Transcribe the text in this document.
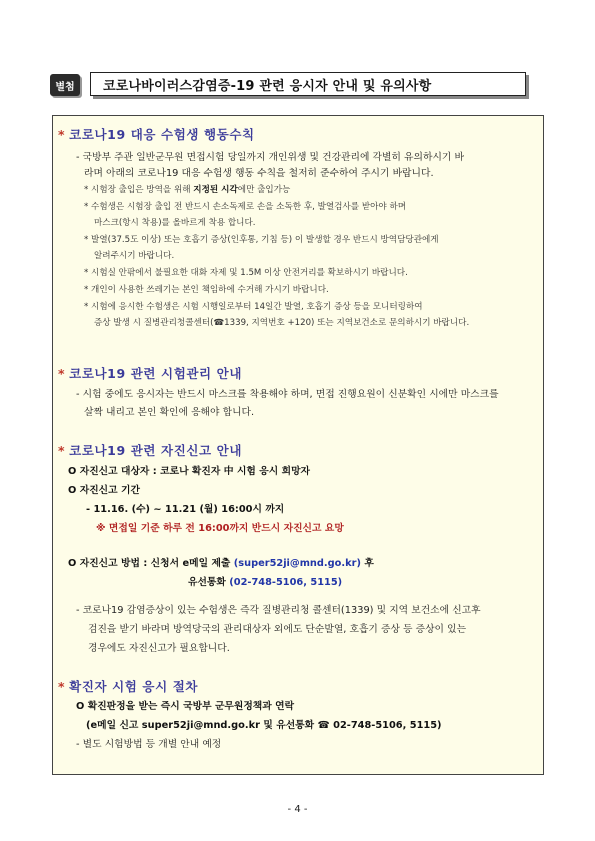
별첨	코로나바이러스감염증-19 관련 응시자 안내 및 유의사항
* 코로나19 대응 수험생 행동수칙
- 국방부 주관 일반군무원 면접시험 당일까지 개인위생 및 건강관리에 각별히 유의하시기 바
라며 아래의 코로나19 대응 수험생 행동 수칙을 철저히 준수하여 주시기 바랍니다.
* 시험장 출입은 방역을 위해 지정된 시각에만 출입가능
* 수험생은 시험장 출입 전 반드시 손소독제로 손을 소독한 후, 발열검사를 받아야 하며
마스크(항시 착용)를 올바르게 착용 합니다.
* 발열(37.5도 이상) 또는 호흡기 증상(인후통, 기침 등) 이 발생할 경우 반드시 방역담당관에게
알려주시기 바랍니다.
* 시험실 안팎에서 불필요한 대화 자제 및 1.5M 이상 안전거리를 확보하시기 바랍니다.
* 개인이 사용한 쓰레기는 본인 책임하에 수거해 가시기 바랍니다.
* 시험에 응시한 수험생은 시험 시행일로부터 14일간 발열, 호흡기 증상 등을 모니터링하여
증상 발생 시 질병관리청콜센터(☎1339, 지역번호 +120) 또는 지역보건소로 문의하시기 바랍니다.
* 코로나19 관련 시험관리 안내
- 시험 중에도 응시자는 반드시 마스크를 착용해야 하며, 면접 진행요원이 신분확인 시에만 마스크를
살짝 내리고 본인 확인에 응해야 합니다.
* 코로나19 관련 자진신고 안내
O 자진신고 대상자 : 코로나 확진자 中 시험 응시 희망자
O 자진신고 기간
- 11.16. (수) ~ 11.21 (월) 16:00시 까지
※ 면접일 기준 하루 전 16:00까지 반드시 자진신고 요망
O 자진신고 방법 : 신청서 e메일 제출 (super52ji@mnd.go.kr) 후
유선통화 (02-748-5106, 5115)
- 코로나19 감염증상이 있는 수험생은 즉각 질병관리청 콜센터(1339) 및 지역 보건소에 신고후
검진을 받기 바라며 방역당국의 관리대상자 외에도 단순발열, 호흡기 증상 등 증상이 있는
경우에도 자진신고가 필요합니다.
* 확진자 시험 응시 절차
O 확진판정을 받는 즉시 국방부 군무원정책과 연락
(e메일 신고 super52ji@mnd.go.kr 및 유선통화 ☎ 02-748-5106, 5115)
- 별도 시험방법 등 개별 안내 예정
- 4 -
